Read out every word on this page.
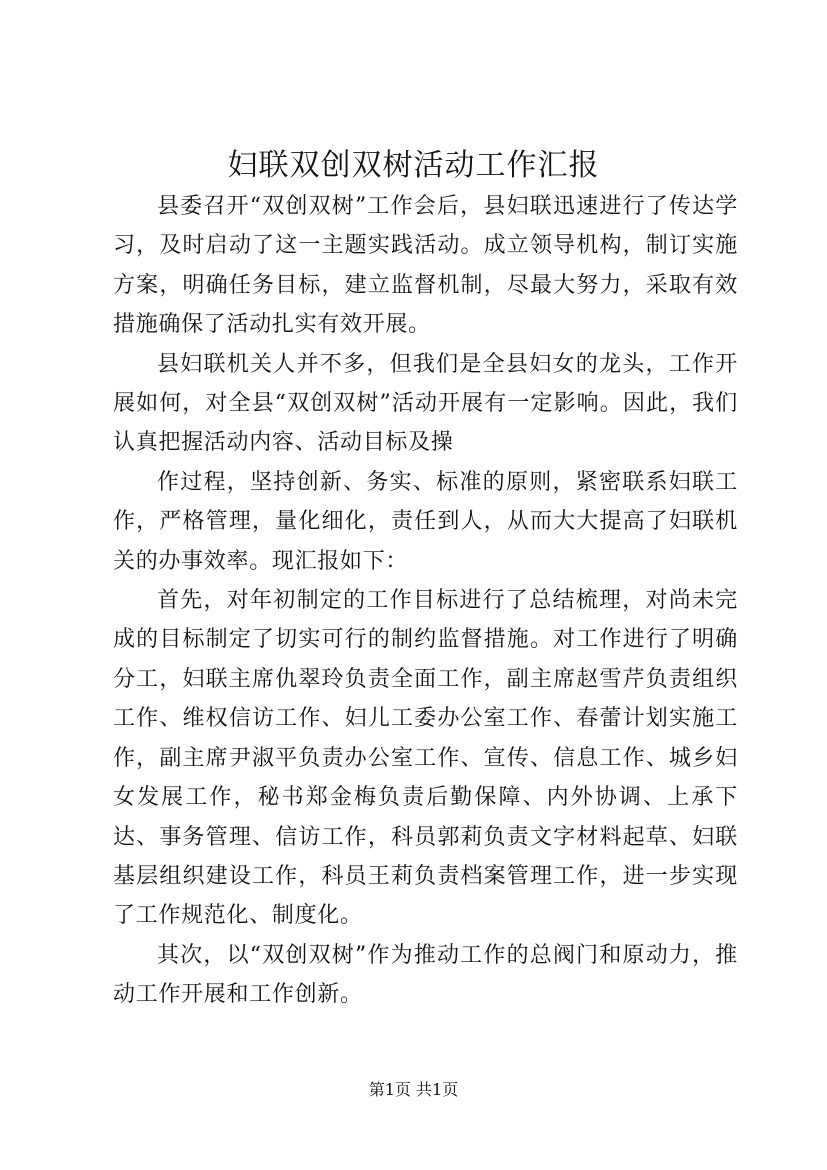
妇联双创双树活动工作汇报

县委召开“双创双树”工作会后，县妇联迅速进行了传达学习，及时启动了这一主题实践活动。成立领导机构，制订实施方案，明确任务目标，建立监督机制，尽最大努力，采取有效措施确保了活动扎实有效开展。

县妇联机关人并不多，但我们是全县妇女的龙头，工作开展如何，对全县“双创双树”活动开展有一定影响。因此，我们认真把握活动内容、活动目标及操

作过程，坚持创新、务实、标准的原则，紧密联系妇联工作，严格管理，量化细化，责任到人，从而大大提高了妇联机关的办事效率。现汇报如下：

首先，对年初制定的工作目标进行了总结梳理，对尚未完成的目标制定了切实可行的制约监督措施。对工作进行了明确分工，妇联主席仇翠玲负责全面工作，副主席赵雪芹负责组织工作、维权信访工作、妇儿工委办公室工作、春蕾计划实施工作，副主席尹淑平负责办公室工作、宣传、信息工作、城乡妇女发展工作，秘书郑金梅负责后勤保障、内外协调、上承下达、事务管理、信访工作，科员郭莉负责文字材料起草、妇联基层组织建设工作，科员王莉负责档案管理工作，进一步实现了工作规范化、制度化。

其次，以“双创双树”作为推动工作的总阀门和原动力，推动工作开展和工作创新。

第1页 共1页
